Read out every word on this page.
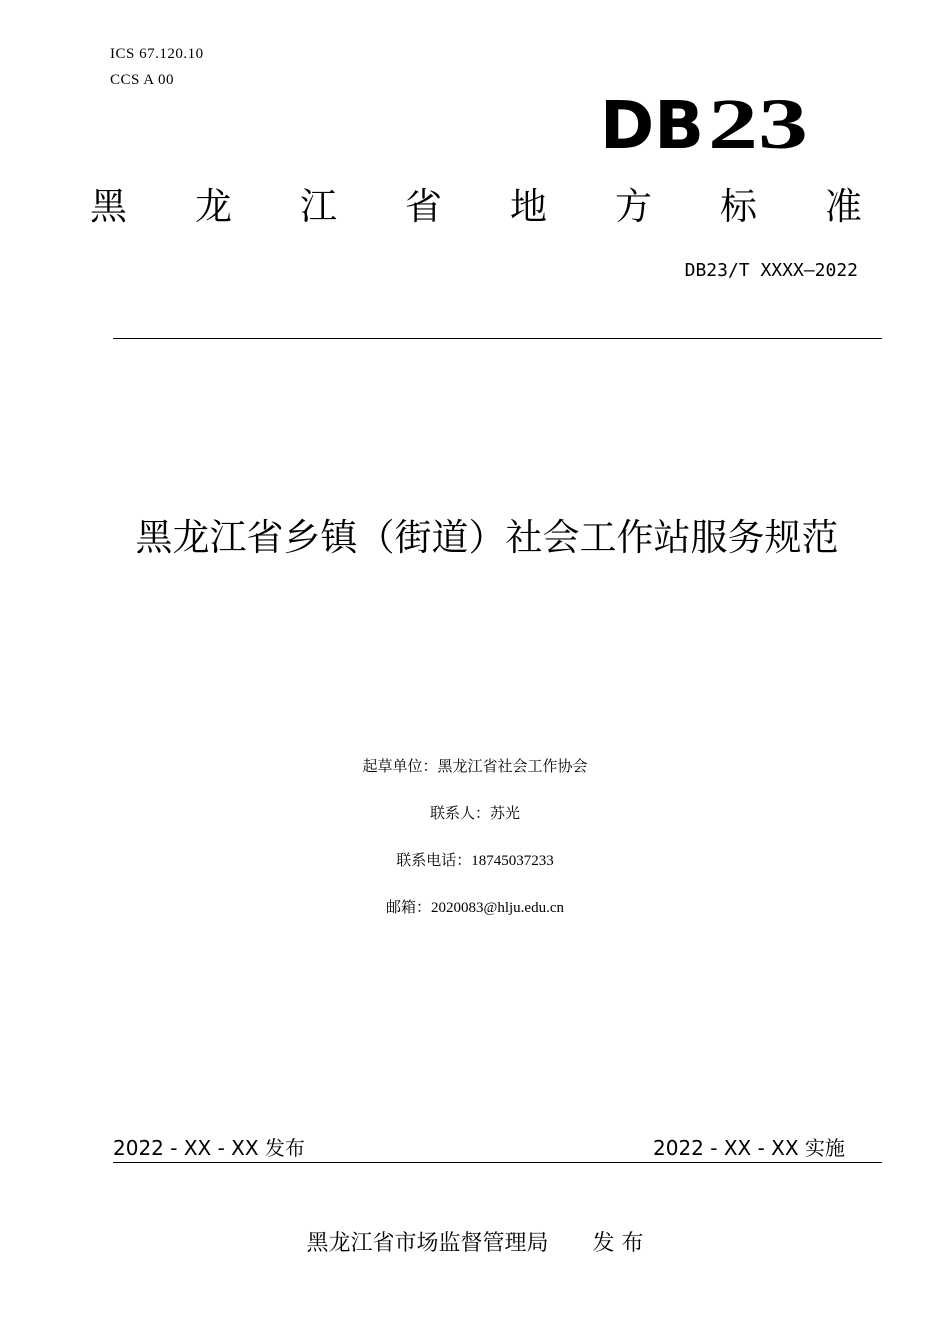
ICS 67.120.10
CCS A 00
DB 23
黑 龙 江 省 地 方 标 准
DB23/T XXXX—2022
黑龙江省乡镇（街道）社会工作站服务规范
起草单位：黑龙江省社会工作协会
联系人：苏光
联系电话：18745037233
邮箱：2020083@hlju.edu.cn
2022 - XX - XX 发布	2022 - XX - XX 实施
黑龙江省市场监督管理局 发 布
